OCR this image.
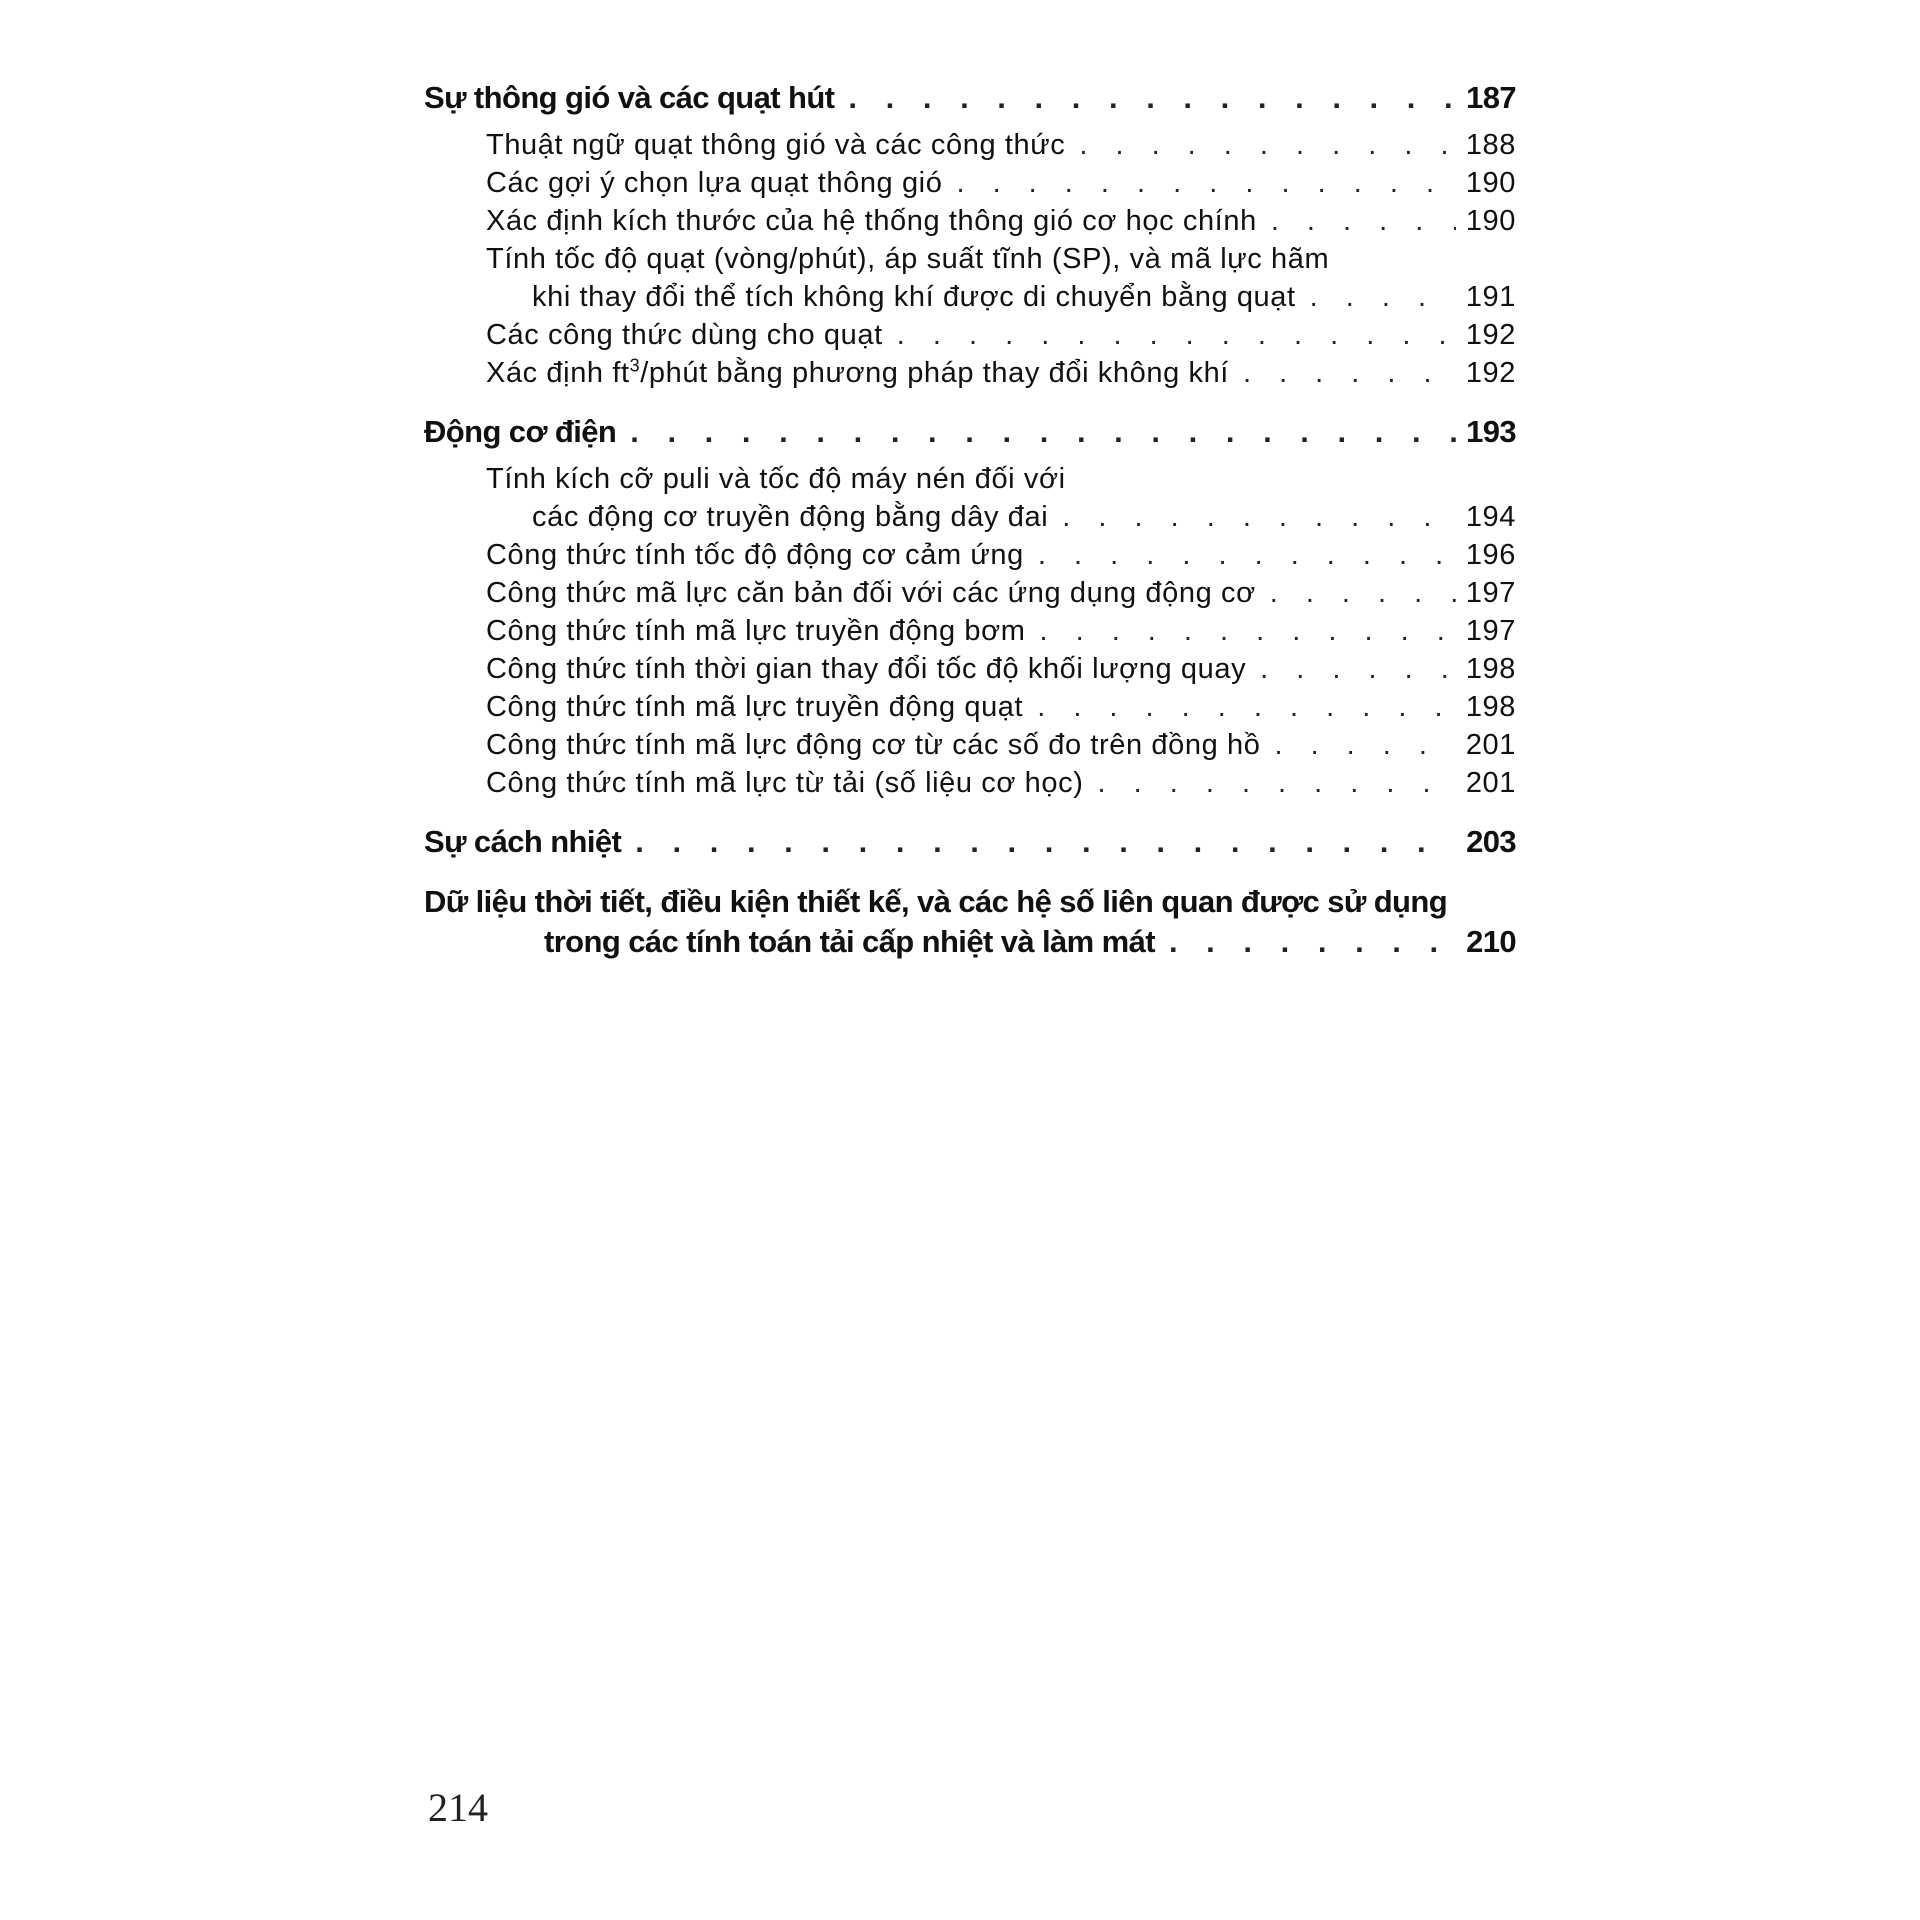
Sự thông gió và các quạt hút . . .	187
Thuật ngữ quạt thông gió và các công thức . . .	188
Các gợi ý chọn lựa quạt thông gió . . .	190
Xác định kích thước của hệ thống thông gió cơ học chính . . .	190
Tính tốc độ quạt (vòng/phút), áp suất tĩnh (SP), và mã lực hãm
khi thay đổi thể tích không khí được di chuyển bằng quạt . . .	191
Các công thức dùng cho quạt . . .	192
Xác định $ft^3$/phút bằng phương pháp thay đổi không khí . . .	192
Động cơ điện . . .	193
Tính kích cỡ puli và tốc độ máy nén đối với
các động cơ truyền động bằng dây đai . . .	194
Công thức tính tốc độ động cơ cảm ứng . . .	196
Công thức mã lực căn bản đối với các ứng dụng động cơ . . .	197
Công thức tính mã lực truyền động bơm . . .	197
Công thức tính thời gian thay đổi tốc độ khối lượng quay . . .	198
Công thức tính mã lực truyền động quạt . . .	198
Công thức tính mã lực động cơ từ các số đo trên đồng hồ . . .	201
Công thức tính mã lực từ tải (số liệu cơ học) . . .	201
Sự cách nhiệt . . .	203
Dữ liệu thời tiết, điều kiện thiết kế, và các hệ số liên quan được sử dụng
trong các tính toán tải cấp nhiệt và làm mát . . .	210
214
